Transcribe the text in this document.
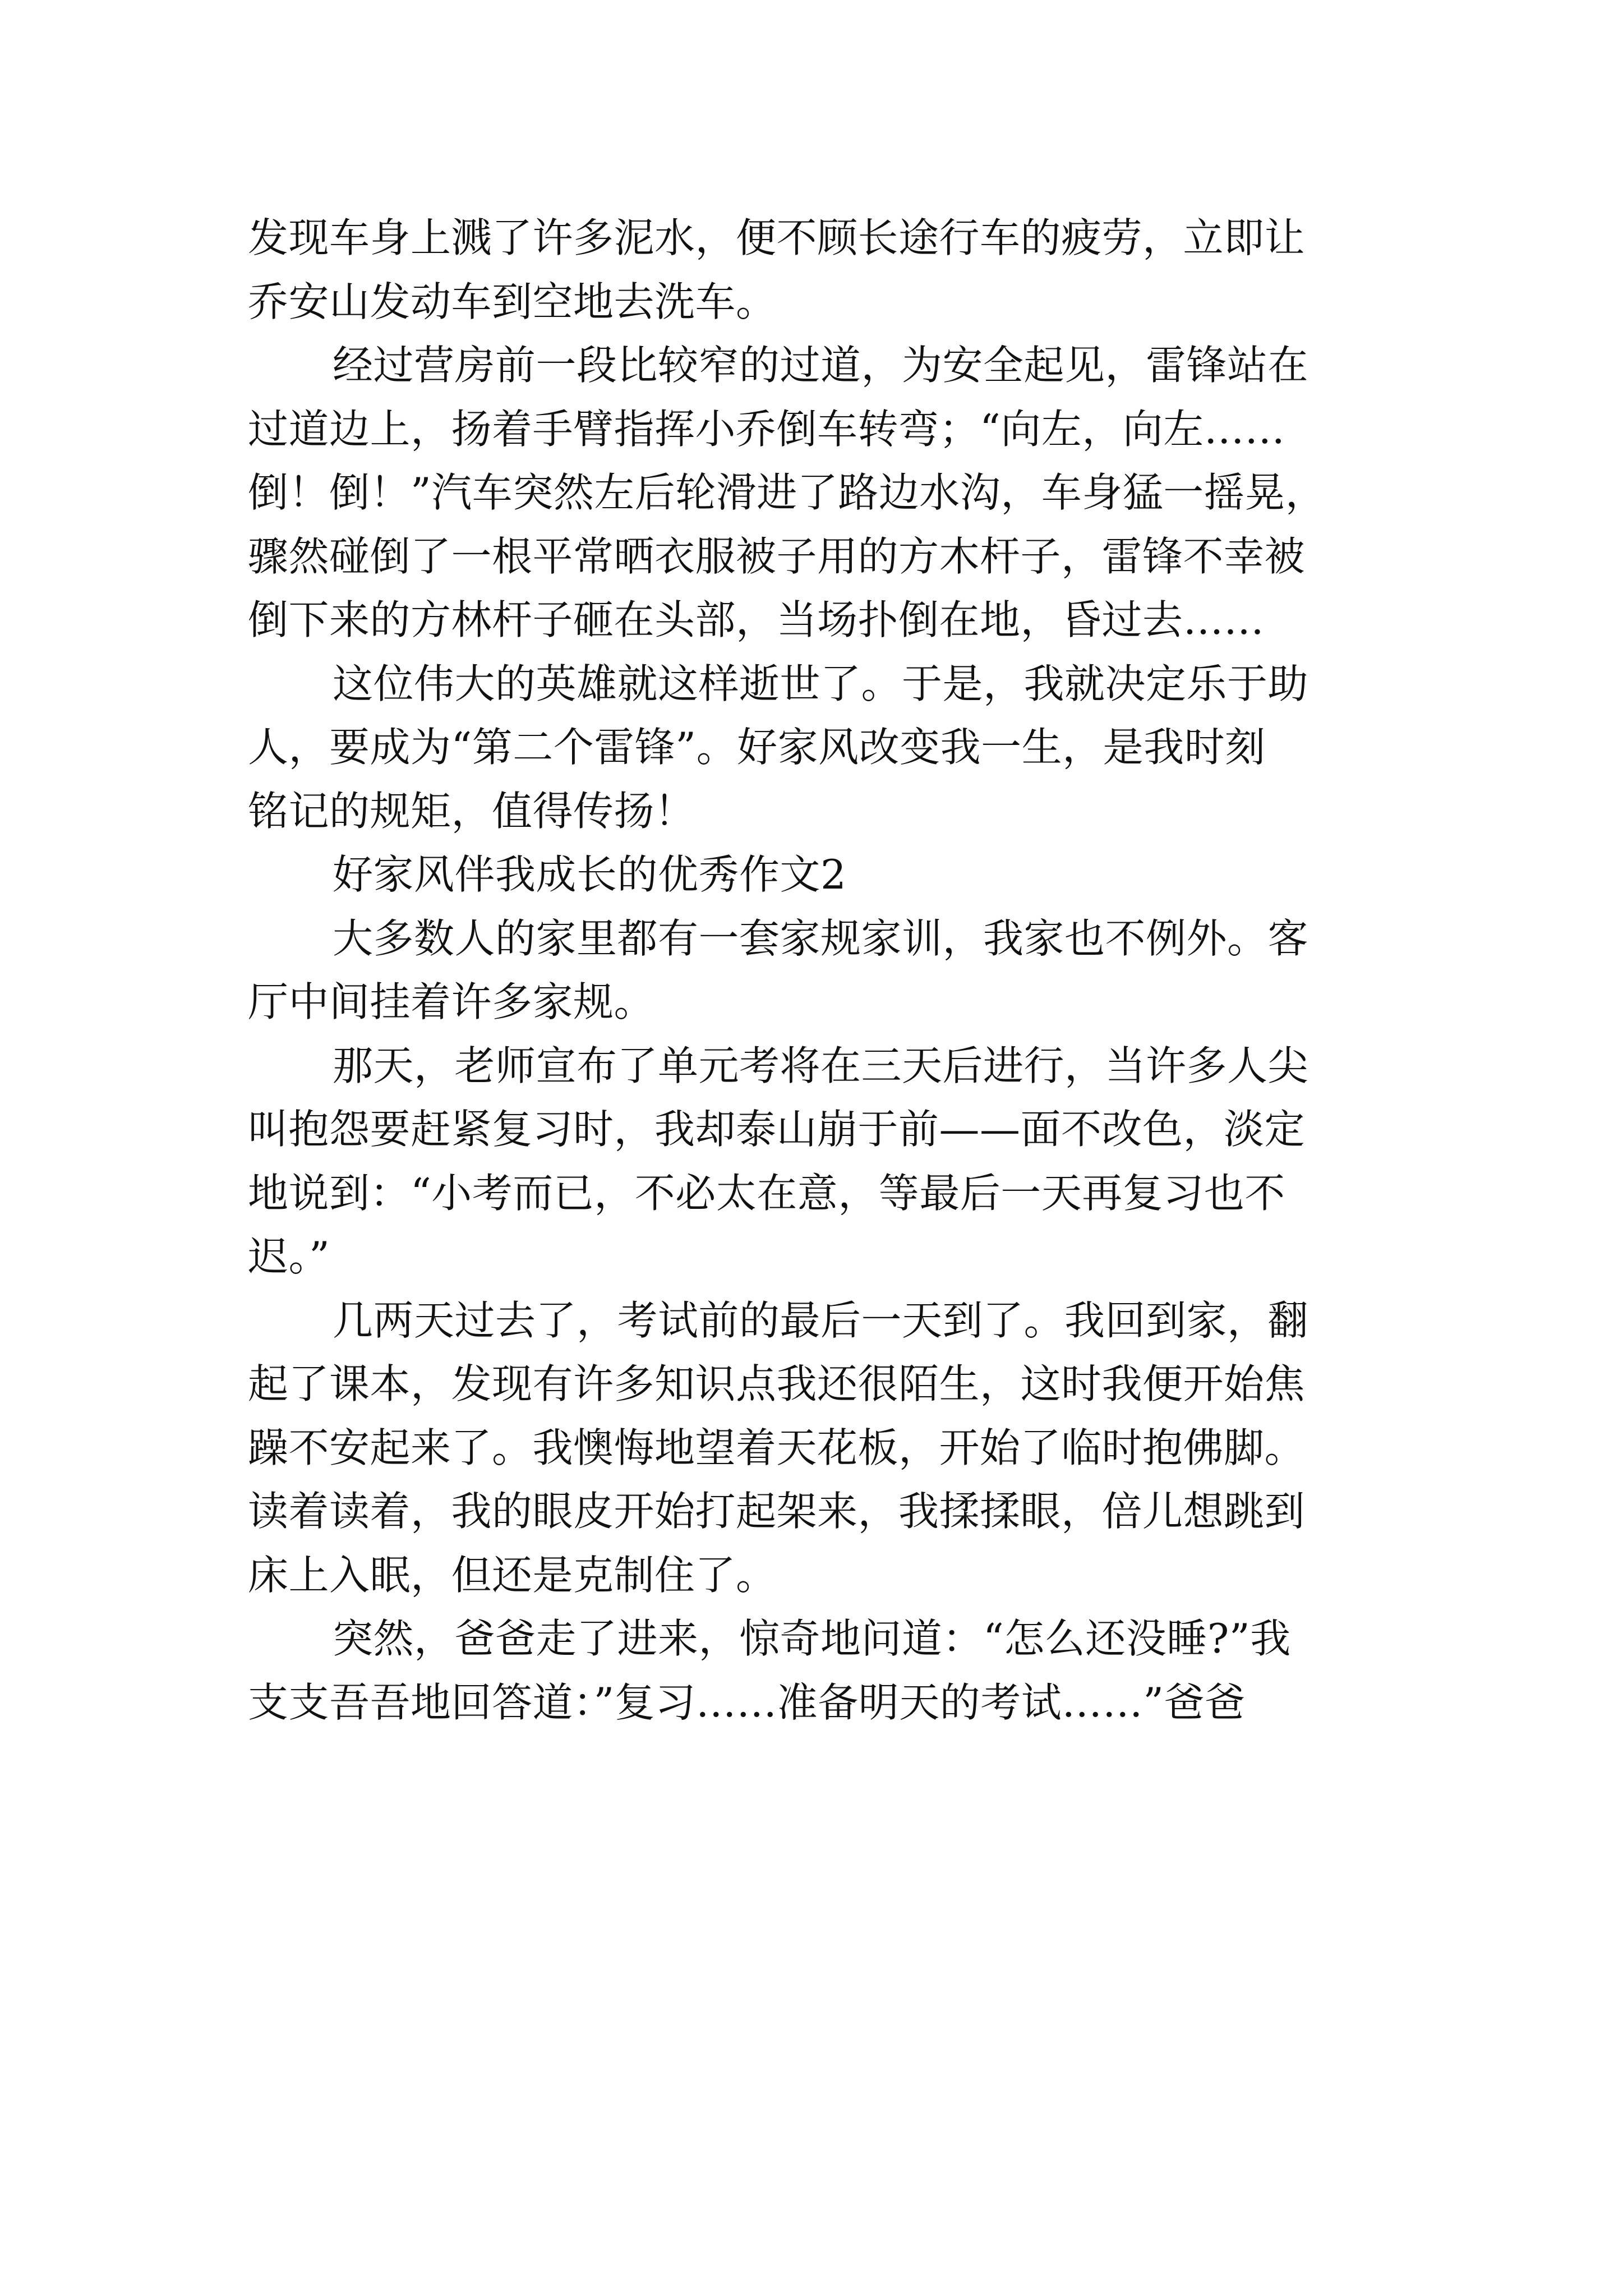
发现车身上溅了许多泥水，便不顾长途行车的疲劳，立即让
乔安山发动车到空地去洗车。
经过营房前一段比较窄的过道，为安全起见，雷锋站在
过道边上，扬着手臂指挥小乔倒车转弯；“向左，向左……
倒！倒！”汽车突然左后轮滑进了路边水沟，车身猛一摇晃，
骤然碰倒了一根平常晒衣服被子用的方木杆子，雷锋不幸被
倒下来的方林杆子砸在头部，当场扑倒在地，昏过去……
这位伟大的英雄就这样逝世了。于是，我就决定乐于助
人，要成为“第二个雷锋”。好家风改变我一生，是我时刻
铭记的规矩，值得传扬！
好家风伴我成长的优秀作文2
大多数人的家里都有一套家规家训，我家也不例外。客
厅中间挂着许多家规。
那天，老师宣布了单元考将在三天后进行，当许多人尖
叫抱怨要赶紧复习时，我却泰山崩于前——面不改色，淡定
地说到：“小考而已，不必太在意，等最后一天再复习也不
迟。”
几两天过去了，考试前的最后一天到了。我回到家，翻
起了课本，发现有许多知识点我还很陌生，这时我便开始焦
躁不安起来了。我懊悔地望着天花板，开始了临时抱佛脚。
读着读着，我的眼皮开始打起架来，我揉揉眼，倍儿想跳到
床上入眠，但还是克制住了。
突然，爸爸走了进来，惊奇地问道：“怎么还没睡?”我
支支吾吾地回答道：”复习……准备明天的考试……”爸爸
